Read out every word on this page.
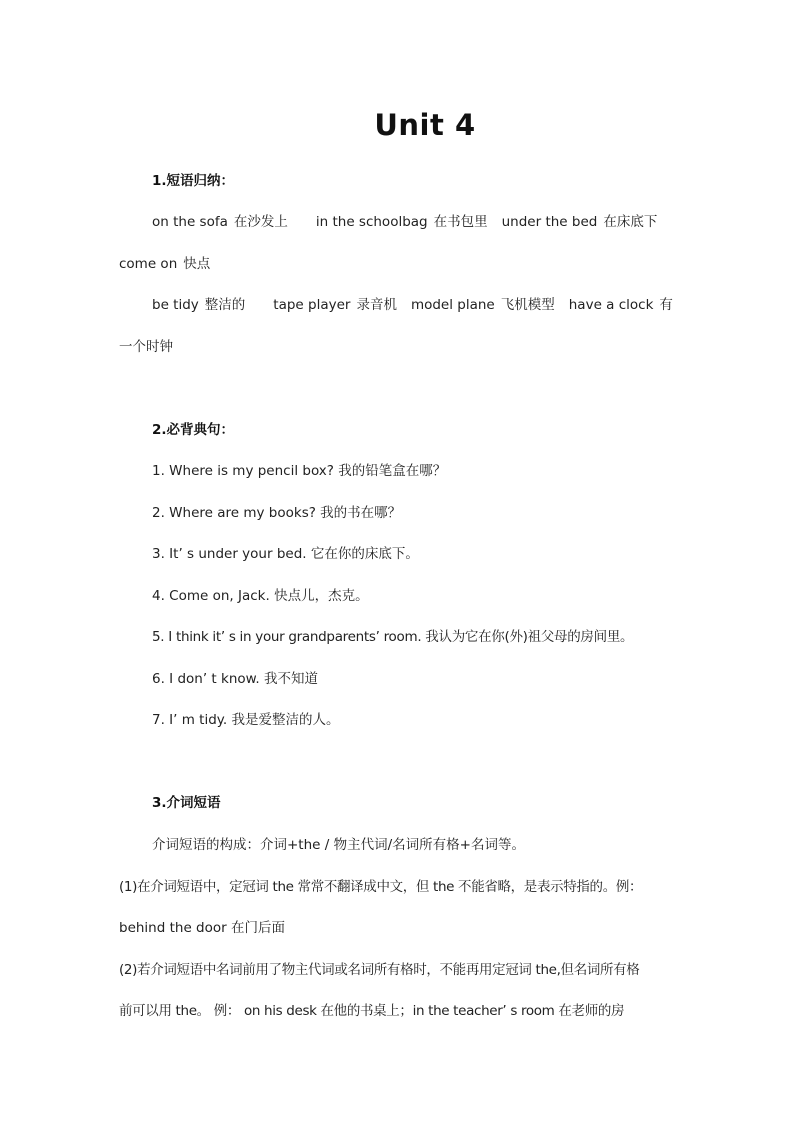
Unit 4
1.短语归纳：
on the sofa 在沙发上 in the schoolbag 在书包里 under the bed 在床底下
come on 快点
be tidy 整洁的 tape player 录音机 model plane 飞机模型 have a clock 有
一个时钟
2.必背典句：
1. Where is my pencil box? 我的铅笔盒在哪？
2. Where are my books? 我的书在哪？
3. It’ s under your bed. 它在你的床底下。
4. Come on, Jack. 快点儿，杰克。
5. I think it’ s in your grandparents’ room. 我认为它在你(外)祖父母的房间里。
6. I don’ t know. 我不知道
7. I’ m tidy. 我是爱整洁的人。
3.介词短语
介词短语的构成：介词+the / 物主代词/名词所有格+名词等。
(1)在介词短语中，定冠词 the 常常不翻译成中文，但 the 不能省略，是表示特指的。例：
behind the door 在门后面
(2)若介词短语中名词前用了物主代词或名词所有格时，不能再用定冠词 the,但名词所有格
前可以用 the。 例： on his desk 在他的书桌上；in the teacher’ s room 在老师的房
